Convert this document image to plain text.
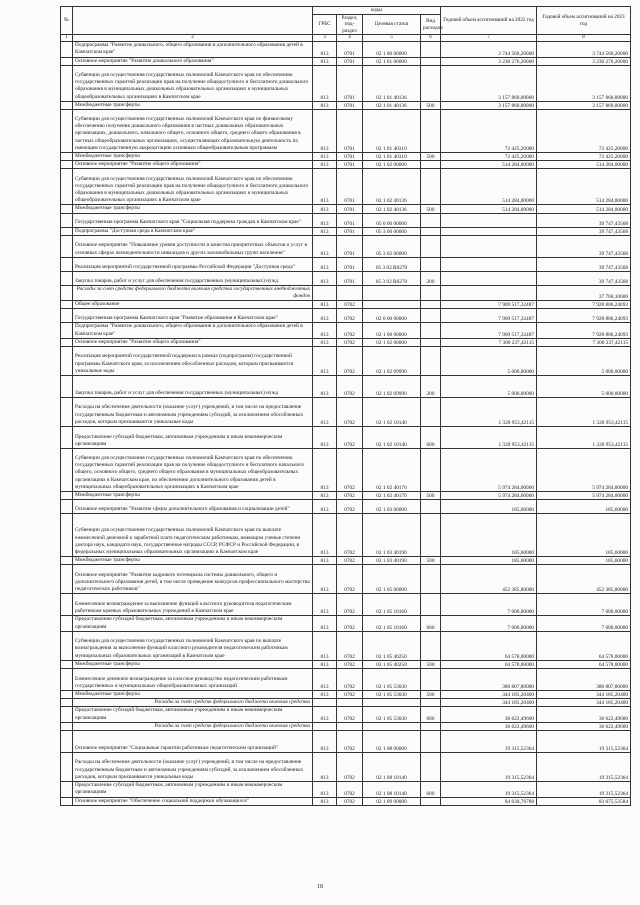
№		коды				Годовой объем ассигнований на 2022 год	Годовой объем ассигнований на 2023 год
		ГРБС	Раздел, под-раздел	Целевая статья	Вид расходов		
1	2	3	4	5	6	7	8
	Подпрограмма "Развитие дошкольного, общего образования и дополнительного образования детей в Камчатском крае"	813	0701	02 1 00 00000		3 744 560,20000	3 744 560,20000
	Основное мероприятие "Развитие дошкольного образования"	813	0701	02 1 01 00000		3 230 276,20000	3 230 276,20000
	Субвенции для осуществления государственных полномочий Камчатского края по обеспечению государственных гарантий реализации прав на получение общедоступного и бесплатного дошкольного образования в муниципальных дошкольных образовательных организациях и муниципальных общеобразовательных организациях в Камчатском крае	813	0701	02 1 01 40136		3 157 860,00000	3 157 860,00000
	Межбюджетные трансферты	813	0701	02 1 01 40136	500	3 157 860,00000	3 157 860,00000
	Субвенции для осуществления государственных полномочий Камчатского края по финансовому обеспечению получения дошкольного образования в частных дошкольных образовательных организациях, дошкольного, начального общего, основного общего, среднего общего образования в частных общеобразовательных организациях, осуществляющих образовательную деятельность по имеющим государственную аккредитацию основным общеобразовательным программам	813	0701	02 1 01 40310		72 425,20000	72 425,20000
	Межбюджетные трансферты	813	0701	02 1 01 40310	500	72 425,20000	72 425,20000
	Основное мероприятие "Развитие общего образования"	813	0701	02 1 02 00000		514 284,00000	514 284,00000
	Субвенции для осуществления государственных полномочий Камчатского края по обеспечению государственных гарантий реализации прав на получение общедоступного и бесплатного дошкольного образования в муниципальных дошкольных образовательных организациях и муниципальных общеобразовательных организациях в Камчатском крае	813	0701	02 1 02 40136		514 284,00000	514 284,00000
	Межбюджетные трансферты	813	0701	02 1 02 40136	500	514 284,00000	514 284,00000
	Государственная программа Камчатского края "Социальная поддержка граждан в Камчатском крае"	813	0701	05 0 00 00000			39 747,43568
	Подпрограмма "Доступная среда в Камчатском крае"	813	0701	05 3 00 00000			39 747,43568
	Основное мероприятие "Повышение уровня доступности и качества приоритетных объектов и услуг в основных сферах жизнедеятельности инвалидов и других маломобильных групп населения"	813	0701	05 3 02 00000			39 747,43568
	Реализация мероприятий государственной программы Российской Федерации "Доступная среда"	813	0701	05 3 02 R0270			39 747,43568
	Закупка товаров, работ и услуг для обеспечения государственных (муниципальных) нужд	813	0701	05 3 02 R0270	200		39 747,43568
	Расходы за счет средств федерального бюджета включая средства государственных внебюджетных фондов						37 760,10600
	Общее образование	813	0702			7 909 517,32487	7 928 806,24093
	Государственная программа Камчатского края "Развитие образования в Камчатском крае"	813	0702	02 0 00 00000		7 909 517,32487	7 928 806,24093
	Подпрограмма "Развитие дошкольного, общего образования и дополнительного образования детей в Камчатском крае"	813	0702	02 1 00 00000		7 909 517,32487	7 928 806,24093
	Основное мероприятие "Развитие общего образования"	813	0702	02 1 02 00000		7 300 237,42115	7 300 237,42115
	Реализация мероприятий государственной поддержки в рамках (подпрограмм) государственной программы Камчатского края, за исключением обособленных расходов, которым присваиваются уникальные коды	813	0702	02 1 02 09990		5 000,00000	5 000,00000
	Закупка товаров, работ и услуг для обеспечения государственных (муниципальных) нужд	813	0702	02 1 02 09990	200	5 000,00000	5 000,00000
	Расходы на обеспечение деятельности (оказание услуг) учреждений, в том числе на предоставление государственным бюджетным и автономным учреждениям субсидий, за исключением обособленных расходов, которым присваиваются уникальные коды	813	0702	02 1 02 10140		1 320 953,42115	1 320 953,42115
	Предоставление субсидий бюджетным, автономным учреждениям и иным некоммерческим организациям	813	0702	02 1 02 10140	600	1 320 953,42115	1 320 953,42115
	Субвенции для осуществления государственных полномочий Камчатского края по обеспечению государственных гарантий реализации прав на получение общедоступного и бесплатного начального общего, основного общего, среднего общего образования в муниципальных общеобразовательных организациях в Камчатском крае, по обеспечению дополнительного образования детей в муниципальных общеобразовательных организациях в Камчатском крае	813	0702	02 1 02 40170		5 974 284,00000	5 974 284,00000
	Межбюджетные трансферты	813	0702	02 1 02 40170	500	5 974 284,00000	5 974 284,00000
	Основное мероприятие "Развитие сферы дополнительного образования и социализации детей"	813	0702	02 1 03 00000		185,60000	185,60000
	Субвенции для осуществления государственных полномочий Камчатского края по выплате ежемесячной денежной к заработной плате педагогическим работникам, имеющим ученые степени доктора наук, кандидата наук, государственные награды СССР, РСФСР и Российской Федерации, в федеральных муниципальных образовательных организациях в Камчатском крае	813	0702	02 1 03 40190		185,60000	185,60000
	Межбюджетные трансферты	813	0702	02 1 03 40190	500	185,60000	185,60000
	Основное мероприятие "Развитие кадрового потенциала системы дошкольного, общего и дополнительного образования детей, в том числе проведение конкурсов профессионального мастерства педагогических работников"	813	0702	02 1 05 00000		452 385,80000	452 385,80000
	Ежемесячное вознаграждение за выполнение функций классного руководителя педагогическим работникам краевых образовательных учреждений в Камчатском крае	813	0702	02 1 05 10160		7 000,00000	7 000,00000
	Предоставление субсидий бюджетным, автономным учреждениям и иным некоммерческим организациям	813	0702	02 1 05 10160	600	7 000,00000	7 000,00000
	Субвенции для осуществления государственных полномочий Камчатского края по выплате вознаграждения за выполнение функций классного руководителя педагогическим работникам муниципальных образовательных организаций в Камчатском крае	813	0702	02 1 05 40250		64 578,00000	64 578,00000
	Межбюджетные трансферты	813	0702	02 1 05 40250	500	64 578,00000	64 578,00000
	Ежемесячное денежное вознаграждение за классное руководство педагогическим работникам государственных и муниципальных общеобразовательных организаций	813	0702	02 1 05 53030		380 807,80000	380 807,80000
	Межбюджетные трансферты	813	0702	02 1 05 53030	500	344 185,20400	344 185,20400
	Расходы за счет средств федерального бюджета включая средства					344 185,20400	344 185,20400
	Предоставление субсидий бюджетным, автономным учреждениям и иным некоммерческим организациям	813	0702	02 1 05 53030	600	36 622,49600	36 622,49600
	Расходы за счет средств федерального бюджета включая средства					36 622,49600	36 622,49600
	Основное мероприятие "Социальные гарантии работникам педагогическим организаций"	813	0702	02 1 08 00000		19 315,52364	19 315,52364
	Расходы на обеспечение деятельности (оказание услуг) учреждений, в том числе на предоставление государственным бюджетным и автономным учреждениям субсидий, за исключением обособленных расходов, которым присваиваются уникальные коды	813	0702	02 1 08 10140		19 315,52364	19 315,52364
	Предоставление субсидий бюджетным, автономным учреждениям и иным некоммерческим организациям	813	0702	02 1 08 10140	600	19 315,52364	19 315,52364
	Основное мероприятие "Обеспечение социальной поддержки обучающихся"	813	0702	02 1 09 00000		84 030,78788	83 675,53584
18
